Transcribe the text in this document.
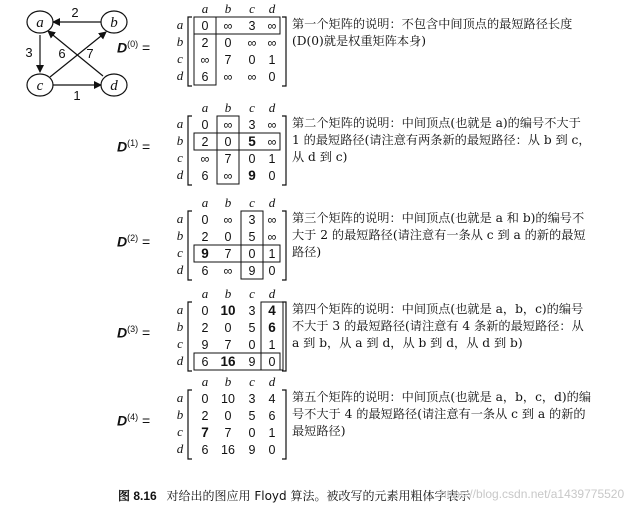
a	b
c	d
2
3	7
6
1
$D^{(0)}$ =
a b c d
a
b
c
d
0 ∞ 3 ∞
2 0 ∞ ∞
∞ 7 0 1
6 ∞ ∞ 0
第一个矩阵的说明：不包含中间顶点的最短路径长度
(D(0)就是权重矩阵本身)
$D^{(1)}$ =
a b c d
a
b
c
d
0 ∞ 3 ∞
2 0 5 ∞
∞ 7 0 1
6 ∞ 9 0
第二个矩阵的说明：中间顶点(也就是 a)的编号不大于
1 的最短路径(请注意有两条新的最短路径：从 b 到 c，
从 d 到 c)
$D^{(2)}$ =
a b c d
a
b
c
d
0 ∞ 3 ∞
2 0 5 ∞
9 7 0 1
6 ∞ 9 0
第三个矩阵的说明：中间顶点(也就是 a 和 b)的编号不
大于 2 的最短路径(请注意有一条从 c 到 a 的新的最短
路径)
$D^{(3)}$ =
a b c d
a
b
c
d
0 10 3 4
2 0 5 6
9 7 0 1
6 16 9 0
第四个矩阵的说明：中间顶点(也就是 a，b，c)的编号
不大于 3 的最短路径(请注意有 4 条新的最短路径：从
a 到 b，从 a 到 d，从 b 到 d，从 d 到 b)
$D^{(4)}$ =
a b c d
a
b
c
d
0 10 3 4
2 0 5 6
7 7 0 1
6 16 9 0
第五个矩阵的说明：中间顶点(也就是 a，b，c，d)的编
号不大于 4 的最短路径(请注意有一条从 c 到 a 的新的
最短路径)
图 8.16 对给出的图应用 Floyd 算法。被改写的元素用粗体字表示
https://blog.csdn.net/a1439775520
